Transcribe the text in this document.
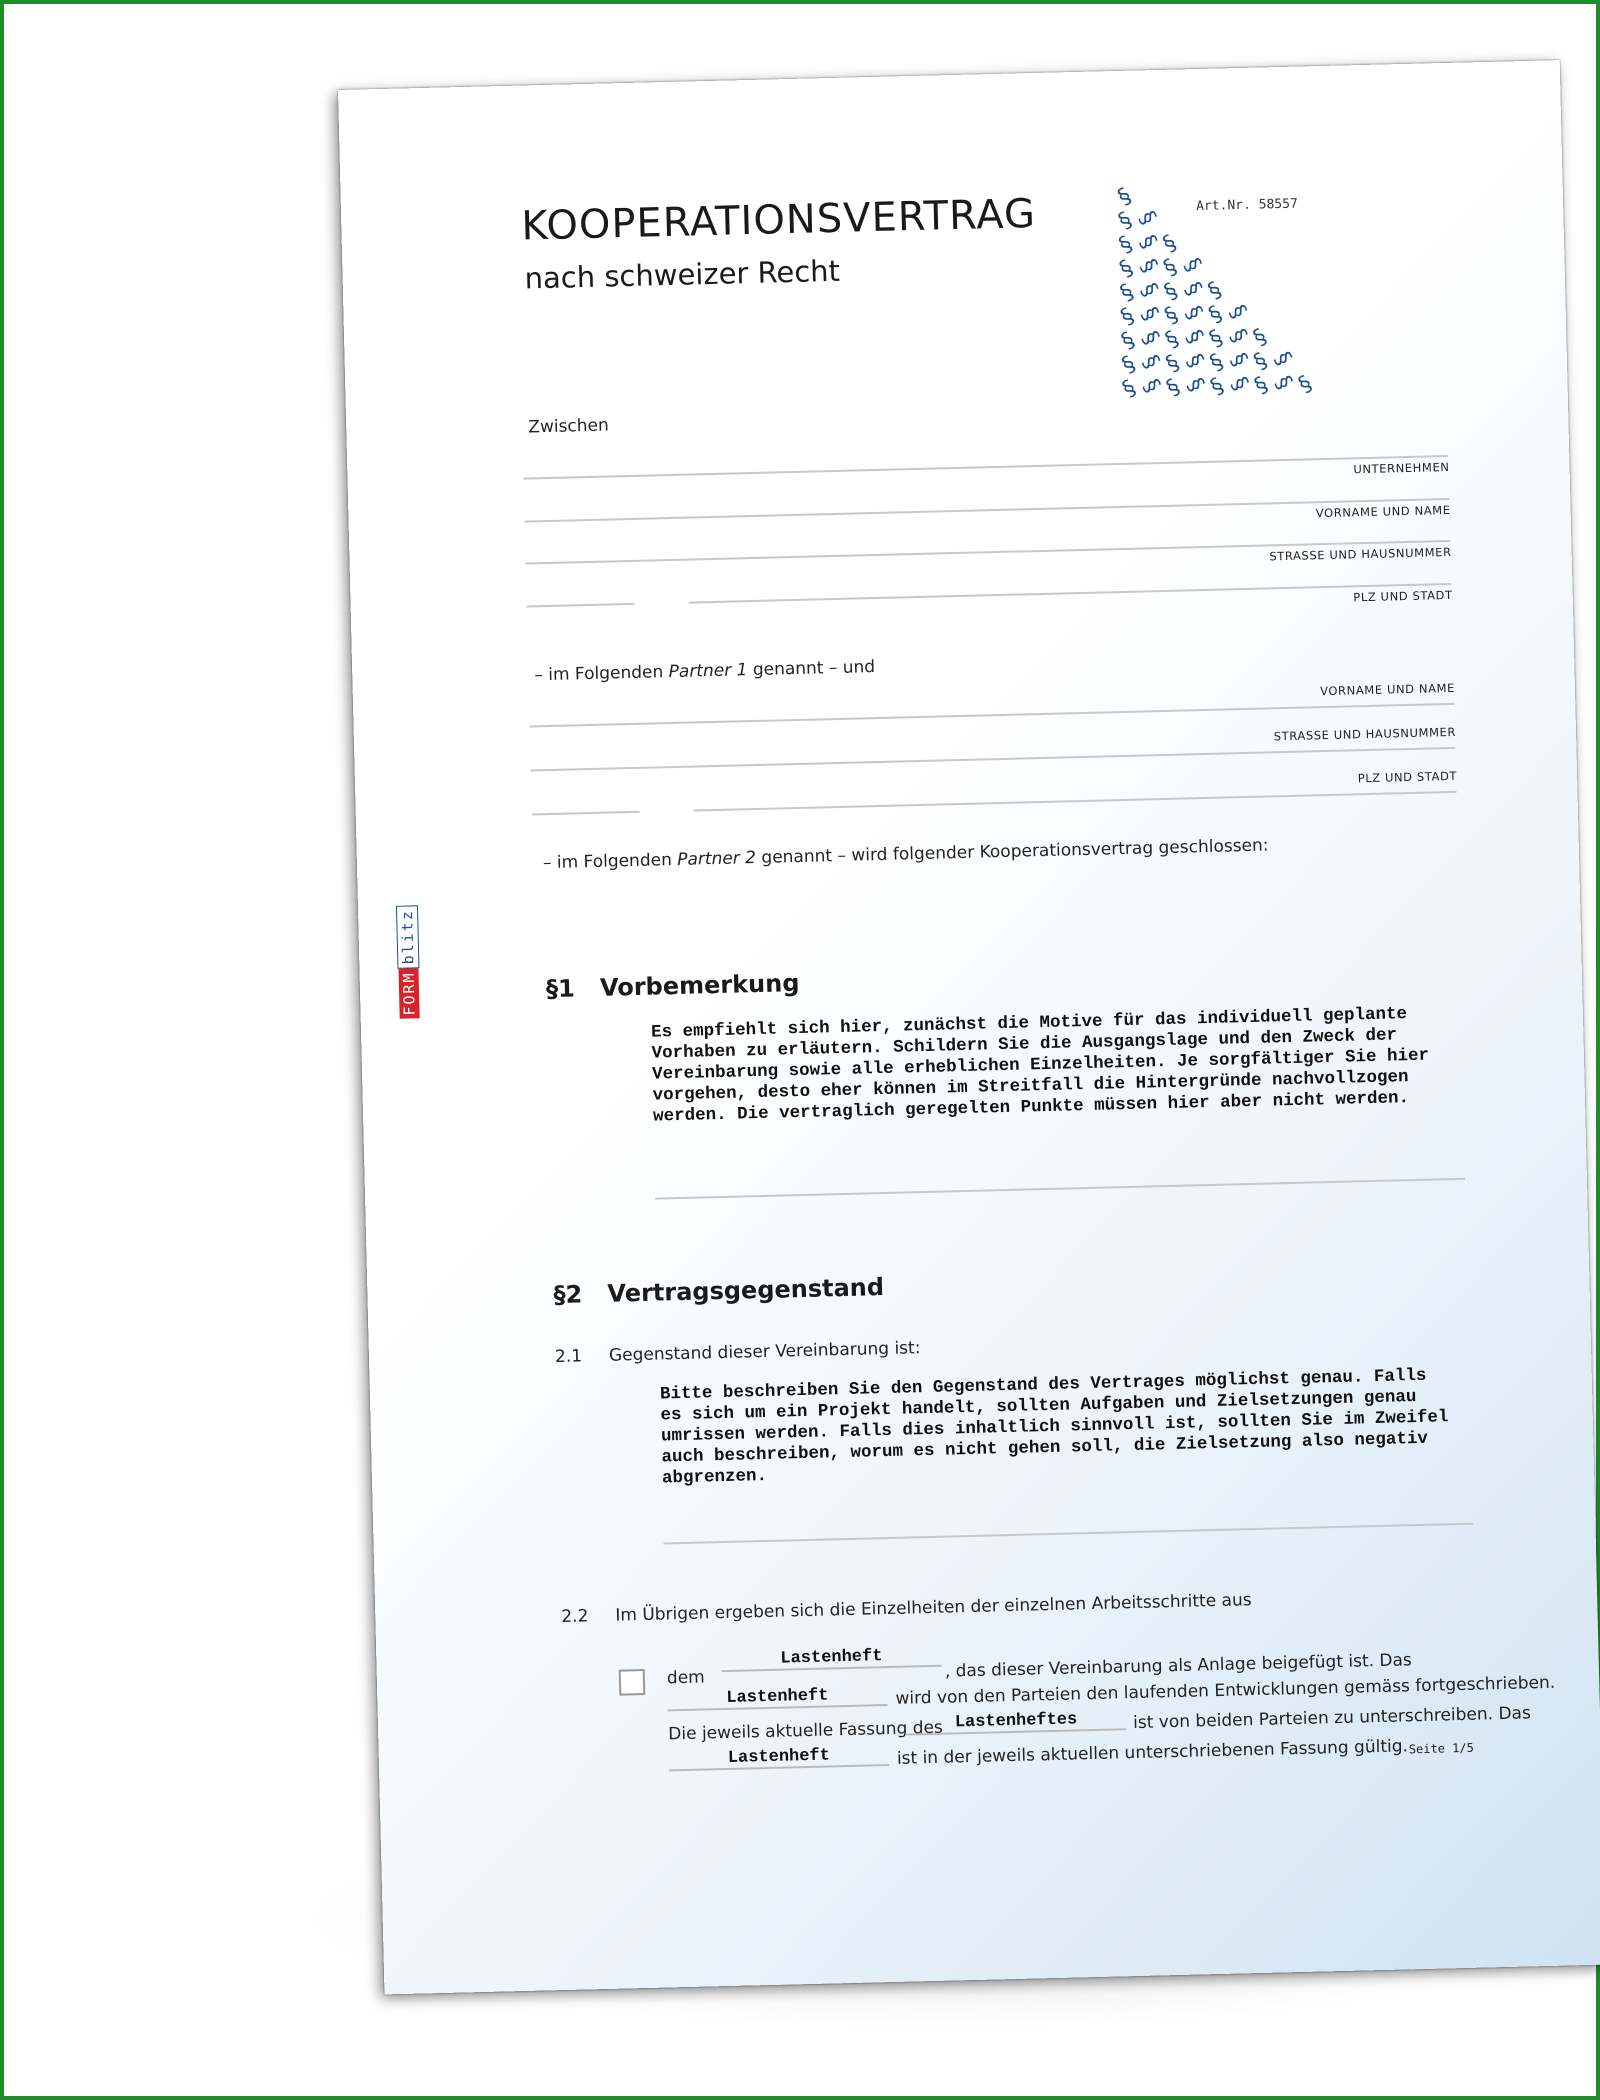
KOOPERATIONSVERTRAG
nach schweizer Recht
Art.Nr. 58557
§
§
§
§
§
§
§
§
§
§
§
§
§
§
§
§
§
§
§
§
§
§
§
§
§
§
§
§
§
§
§
§
§
§
§
§
§
§
§
§
§
§
§
§
§
FORMblitz
Zwischen
UNTERNEHMEN
VORNAME UND NAME
STRASSE UND HAUSNUMMER
PLZ UND STADT
– im Folgenden Partner 1 genannt – und
VORNAME UND NAME
STRASSE UND HAUSNUMMER
PLZ UND STADT
– im Folgenden Partner 2 genannt – wird folgender Kooperationsvertrag geschlossen:
§1 Vorbemerkung
Es empfiehlt sich hier, zunächst die Motive für das individuell geplante
Vorhaben zu erläutern. Schildern Sie die Ausgangslage und den Zweck der
Vereinbarung sowie alle erheblichen Einzelheiten. Je sorgfältiger Sie hier
vorgehen, desto eher können im Streitfall die Hintergründe nachvollzogen
werden. Die vertraglich geregelten Punkte müssen hier aber nicht werden.
§2 Vertragsgegenstand
2.1 Gegenstand dieser Vereinbarung ist:
Bitte beschreiben Sie den Gegenstand des Vertrages möglichst genau. Falls
es sich um ein Projekt handelt, sollten Aufgaben und Zielsetzungen genau
umrissen werden. Falls dies inhaltlich sinnvoll ist, sollten Sie im Zweifel
auch beschreiben, worum es nicht gehen soll, die Zielsetzung also negativ
abgrenzen.
2.2 Im Übrigen ergeben sich die Einzelheiten der einzelnen Arbeitsschritte aus
dem
Lastenheft	, das dieser Vereinbarung als Anlage beigefügt ist. Das
Lastenheft	wird von den Parteien den laufenden Entwicklungen gemäss fortgeschrieben.
Die jeweils aktuelle Fassung des Lastenheftes	ist von beiden Parteien zu unterschreiben. Das
Lastenheft	ist in der jeweils aktuellen unterschriebenen Fassung gültig. Seite 1/5
